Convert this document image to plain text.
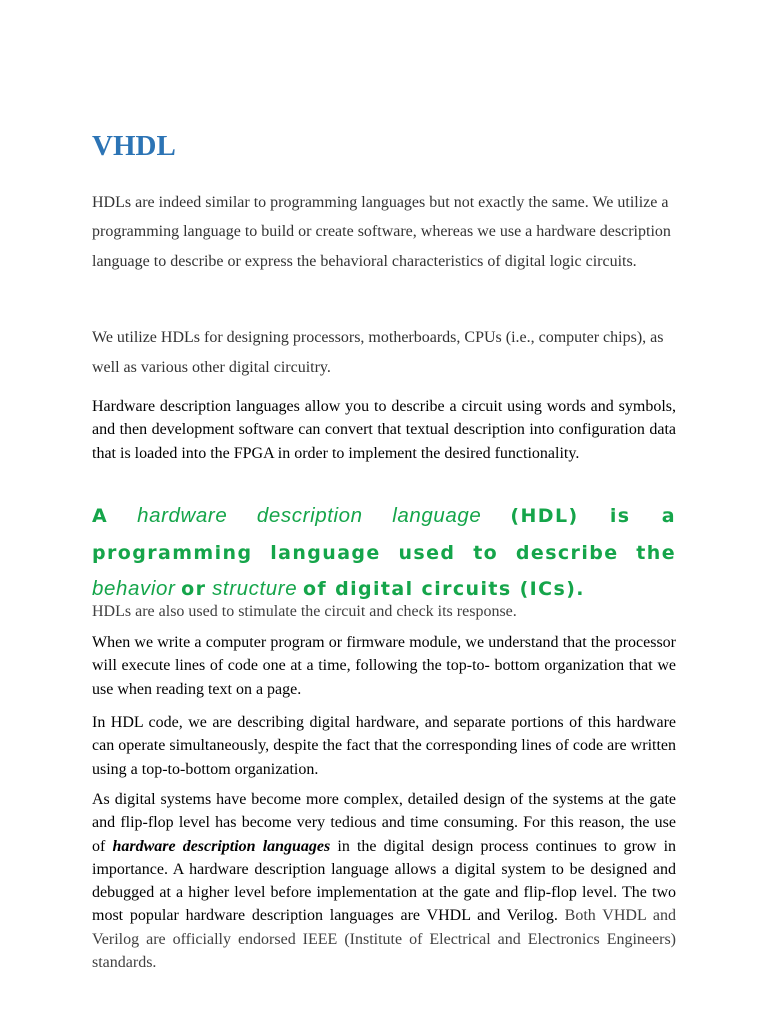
VHDL

HDLs are indeed similar to programming languages but not exactly the same. We utilize a programming language to build or create software, whereas we use a hardware description language to describe or express the behavioral characteristics of digital logic circuits.

We utilize HDLs for designing processors, motherboards, CPUs (i.e., computer chips), as well as various other digital circuitry.

Hardware description languages allow you to describe a circuit using words and symbols, and then development software can convert that textual description into configuration data that is loaded into the FPGA in order to implement the desired functionality.

A hardware description language (HDL) is a programming language used to describe the behavior or structure of digital circuits (ICs).

HDLs are also used to stimulate the circuit and check its response.

When we write a computer program or firmware module, we understand that the processor will execute lines of code one at a time, following the top-to- bottom organization that we use when reading text on a page.

In HDL code, we are describing digital hardware, and separate portions of this hardware can operate simultaneously, despite the fact that the corresponding lines of code are written using a top-to-bottom organization.

As digital systems have become more complex, detailed design of the systems at the gate and flip-flop level has become very tedious and time consuming. For this reason, the use of hardware description languages in the digital design process continues to grow in importance. A hardware description language allows a digital system to be designed and debugged at a higher level before implementation at the gate and flip-flop level. The two most popular hardware description languages are VHDL and Verilog. Both VHDL and Verilog are officially endorsed IEEE (Institute of Electrical and Electronics Engineers) standards.
